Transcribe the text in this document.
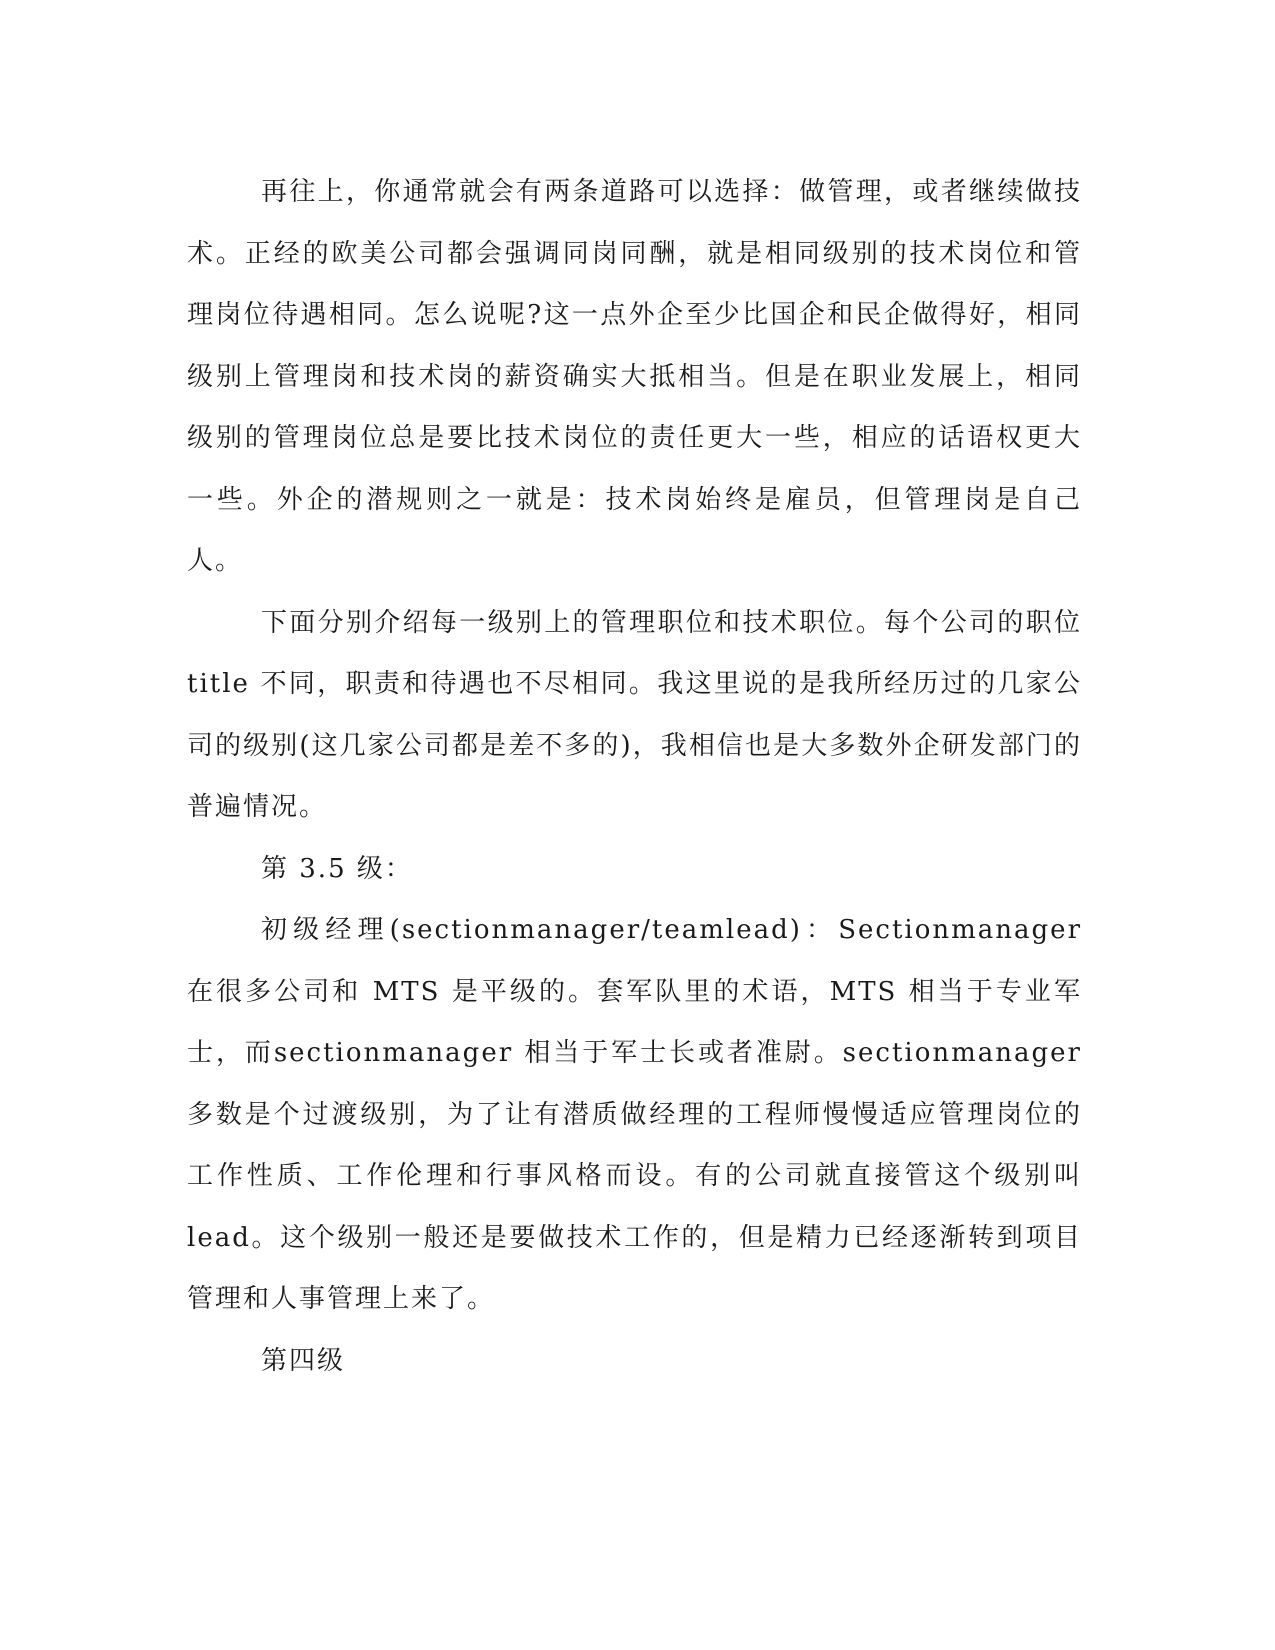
再往上，你通常就会有两条道路可以选择：做管理，或者继续做技术。正经的欧美公司都会强调同岗同酬，就是相同级别的技术岗位和管理岗位待遇相同。怎么说呢?这一点外企至少比国企和民企做得好，相同级别上管理岗和技术岗的薪资确实大抵相当。但是在职业发展上，相同级别的管理岗位总是要比技术岗位的责任更大一些，相应的话语权更大一些。外企的潜规则之一就是：技术岗始终是雇员，但管理岗是自己人。

下面分别介绍每一级别上的管理职位和技术职位。每个公司的职位 title 不同，职责和待遇也不尽相同。我这里说的是我所经历过的几家公司的级别(这几家公司都是差不多的)，我相信也是大多数外企研发部门的普遍情况。

第 3.5 级：

初级经理(sectionmanager/teamlead)：Sectionmanager 在很多公司和 MTS 是平级的。套军队里的术语，MTS 相当于专业军士，而sectionmanager 相当于军士长或者准尉。sectionmanager 多数是个过渡级别，为了让有潜质做经理的工程师慢慢适应管理岗位的工作性质、工作伦理和行事风格而设。有的公司就直接管这个级别叫 lead。这个级别一般还是要做技术工作的，但是精力已经逐渐转到项目管理和人事管理上来了。

第四级
